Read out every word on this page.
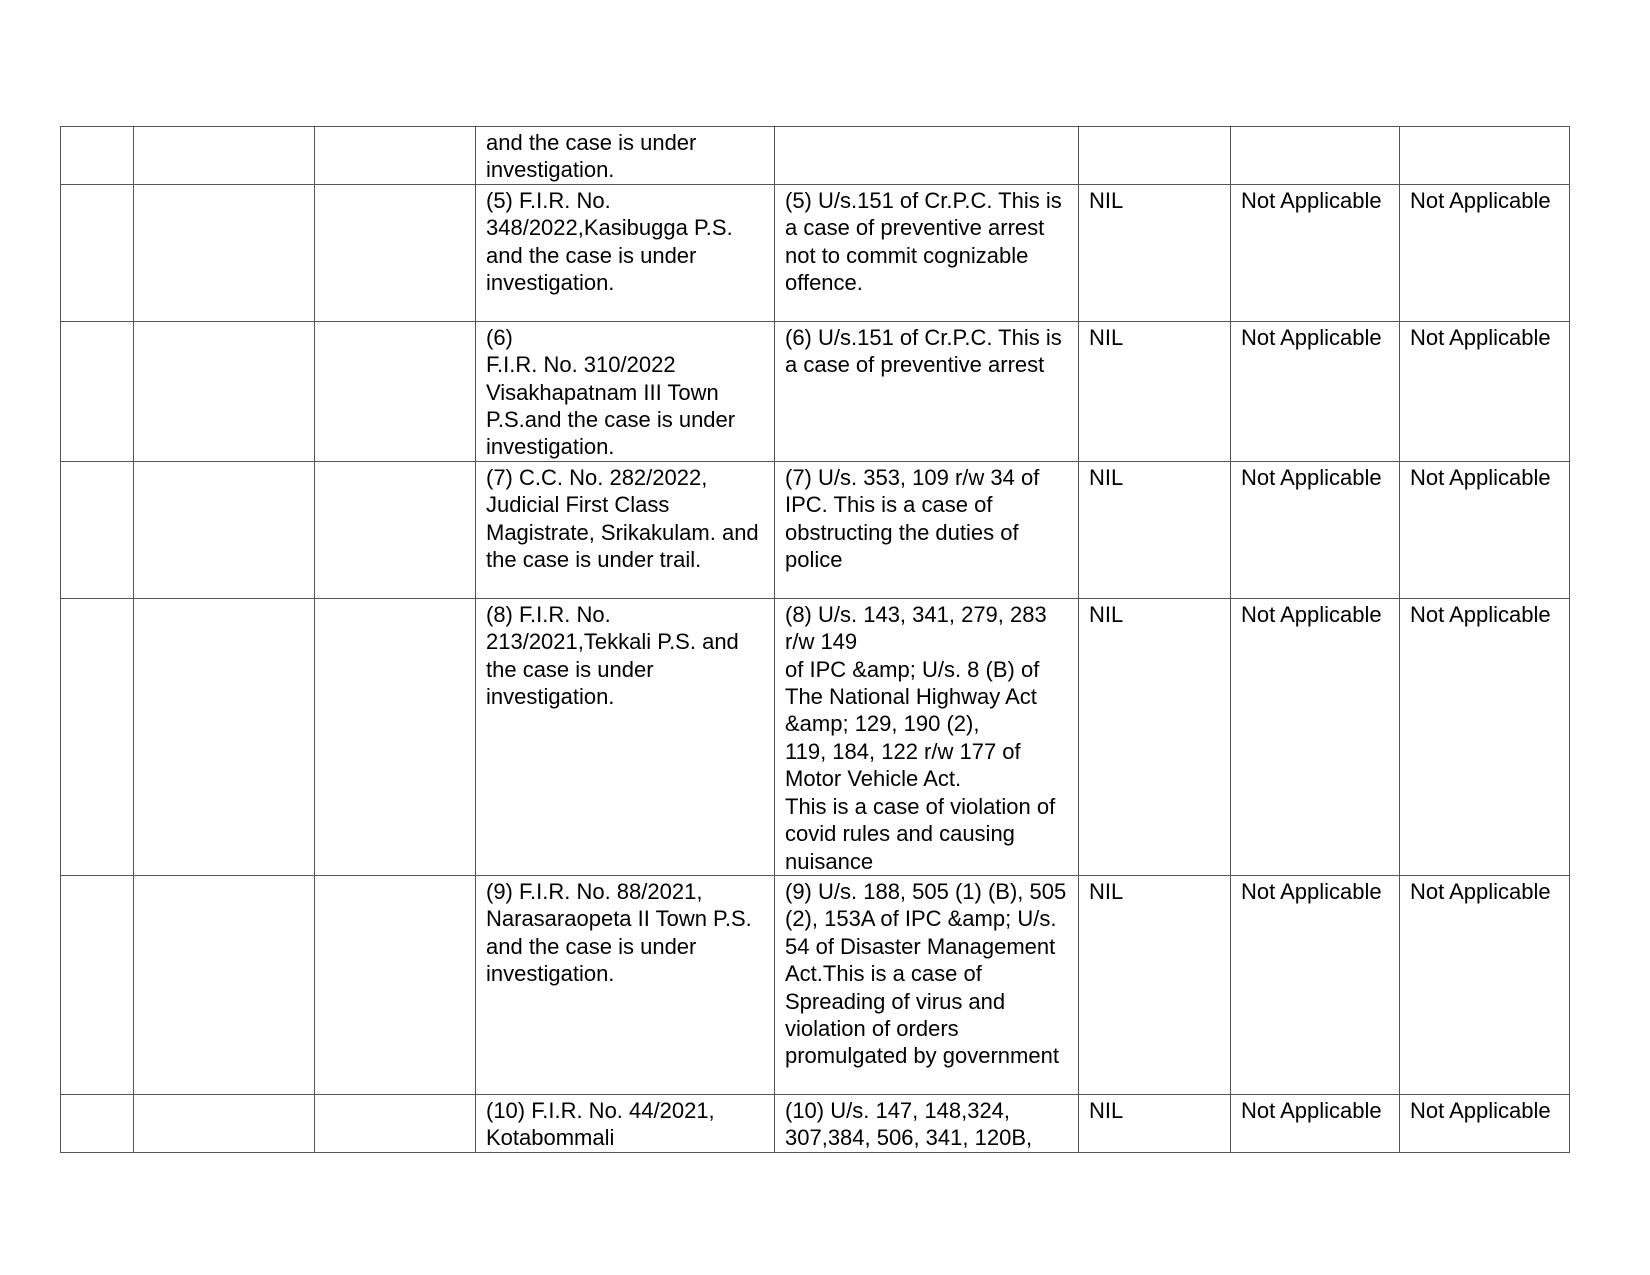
			and the case is under investigation.				
			(5) F.I.R. No. 348/2022,Kasibugga P.S. and the case is under investigation.	(5) U/s.151 of Cr.P.C. This is a case of preventive arrest not to commit cognizable offence.	NIL	Not Applicable	Not Applicable
			(6)
F.I.R. No. 310/2022 Visakhapatnam III Town P.S.and the case is under investigation.	(6) U/s.151 of Cr.P.C. This is a case of preventive arrest	NIL	Not Applicable	Not Applicable
			(7) C.C. No. 282/2022, Judicial First Class Magistrate, Srikakulam. and the case is under trail.	(7) U/s. 353, 109 r/w 34 of IPC. This is a case of obstructing the duties of police	NIL	Not Applicable	Not Applicable
			(8) F.I.R. No. 213/2021,Tekkali P.S. and the case is under investigation.	(8) U/s. 143, 341, 279, 283 r/w 149
of IPC &amp; U/s. 8 (B) of The National Highway Act &amp; 129, 190 (2),
119, 184, 122 r/w 177 of Motor Vehicle Act.
This is a case of violation of covid rules and causing nuisance	NIL	Not Applicable	Not Applicable
			(9) F.I.R. No. 88/2021, Narasaraopeta II Town P.S.
and the case is under investigation.	(9) U/s. 188, 505 (1) (B), 505 (2), 153A of IPC &amp; U/s. 54 of Disaster Management Act.This is a case of Spreading of virus and violation of orders promulgated by government	NIL	Not Applicable	Not Applicable
			(10) F.I.R. No. 44/2021, Kotabommali	(10) U/s. 147, 148,324, 307,384, 506, 341, 120B,	NIL	Not Applicable	Not Applicable
